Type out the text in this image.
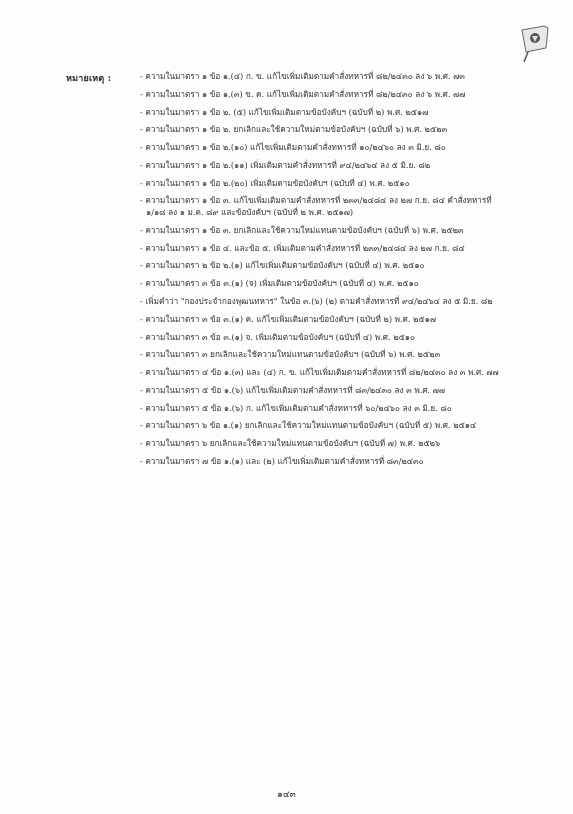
หมายเหตุ :	- ความในมาตรา ๑ ข้อ ๑.(๔) ก. ข. แก้ไขเพิ่มเติมตามคำสั่งทหารที่ ๘๒/๒๔๓๐ ลง ๖ พ.ศ. ๗๓
- ความในมาตรา ๑ ข้อ ๑.(๓) ข. ค. แก้ไขเพิ่มเติมตามคำสั่งทหารที่ ๘๒/๒๔๓๐ ลง ๖ พ.ศ. ๗๗
- ความในมาตรา ๑ ข้อ ๒. (๕) แก้ไขเพิ่มเติมตามข้อบังคับฯ (ฉบับที่ ๒) พ.ศ. ๒๕๑๗
- ความในมาตรา ๑ ข้อ ๒. ยกเลิกและใช้ความใหม่ตามข้อบังคับฯ (ฉบับที่ ๖) พ.ศ. ๒๕๒๓
- ความในมาตรา ๑ ข้อ ๒.(๑๐) แก้ไขเพิ่มเติมตามคำสั่งทหารที่ ๑๐/๒๔๖๐ ลง ๓ มิ.ย. ๘๐
- ความในมาตรา ๑ ข้อ ๒.(๑๑) เพิ่มเติมตามคำสั่งทหารที่ ๙๔/๒๔๖๔ ลง ๕ มิ.ย. ๘๒
- ความในมาตรา ๑ ข้อ ๒.(๒๐) เพิ่มเติมตามข้อบังคับฯ (ฉบับที่ ๔) พ.ศ. ๒๕๑๐
- ความในมาตรา ๑ ข้อ ๓. แก้ไขเพิ่มเติมตามคำสั่งทหารที่ ๒๓๓/๒๔๘๔ ลง ๒๗ ก.ย. ๘๔ คำสั่งทหารที่ ๑/๑๘ ลง ๑ ม.ค. ๘๙ และข้อบังคับฯ (ฉบับที่ ๒ พ.ศ. ๒๕๑๗)
- ความในมาตรา ๑ ข้อ ๓. ยกเลิกและใช้ความใหม่แทนตามข้อบังคับฯ (ฉบับที่ ๖) พ.ศ. ๒๕๒๓
- ความในมาตรา ๑ ข้อ ๔. และข้อ ๕. เพิ่มเติมตามคำสั่งทหารที่ ๒๓๓/๒๔๘๔ ลง ๒๗ ก.ย. ๘๔
- ความในมาตรา ๒ ข้อ ๒.(๑) แก้ไขเพิ่มเติมตามข้อบังคับฯ (ฉบับที่ ๔) พ.ศ. ๒๕๑๐
- ความในมาตรา ๓ ข้อ ๓.(๑) (จ) เพิ่มเติมตามข้อบังคับฯ (ฉบับที่ ๔) พ.ศ. ๒๕๑๐
- เพิ่มคำว่า "กองประจำกองพุฒนทหาร" ในข้อ ๓.(๖) (๒) ตามคำสั่งทหารที่ ๙๔/๒๔๖๔ ลง ๕ มิ.ย. ๘๒
- ความในมาตรา ๓ ข้อ ๓.(๑) ค. แก้ไขเพิ่มเติมตามข้อบังคับฯ (ฉบับที่ ๒) พ.ศ. ๒๕๑๗
- ความในมาตรา ๓ ข้อ ๓.(๑) จ. เพิ่มเติมตามข้อบังคับฯ (ฉบับที่ ๔) พ.ศ. ๒๕๑๐
- ความในมาตรา ๓ ยกเลิกและใช้ความใหม่แทนตามข้อบังคับฯ (ฉบับที่ ๖) พ.ศ. ๒๕๒๓
- ความในมาตรา ๔ ข้อ ๑.(๓) และ (๔) ก. ข. แก้ไขเพิ่มเติมตามคำสั่งทหารที่ ๘๒/๒๔๓๐ ลง ๓ พ.ศ. ๗๗
- ความในมาตรา ๕ ข้อ ๑.(๖) แก้ไขเพิ่มเติมตามคำสั่งทหารที่ ๘๓/๒๔๓๐ ลง ๓ พ.ศ. ๗๗
- ความในมาตรา ๕ ข้อ ๑.(๖) ก. แก้ไขเพิ่มเติมตามคำสั่งทหารที่ ๖๐/๒๔๖๐ ลง ๓ มิ.ย. ๘๐
- ความในมาตรา ๖ ข้อ ๑.(๑) ยกเลิกและใช้ความใหม่แทนตามข้อบังคับฯ (ฉบับที่ ๕) พ.ศ. ๒๕๑๔
- ความในมาตรา ๖ ยกเลิกและใช้ความใหม่แทนตามข้อบังคับฯ (ฉบับที่ ๗) พ.ศ. ๒๕๒๖
- ความในมาตรา ๗ ข้อ ๑.(๑) และ (๒) แก้ไขเพิ่มเติมตามคำสั่งทหารที่ ๘๓/๒๔๓๐
๑๔๓
